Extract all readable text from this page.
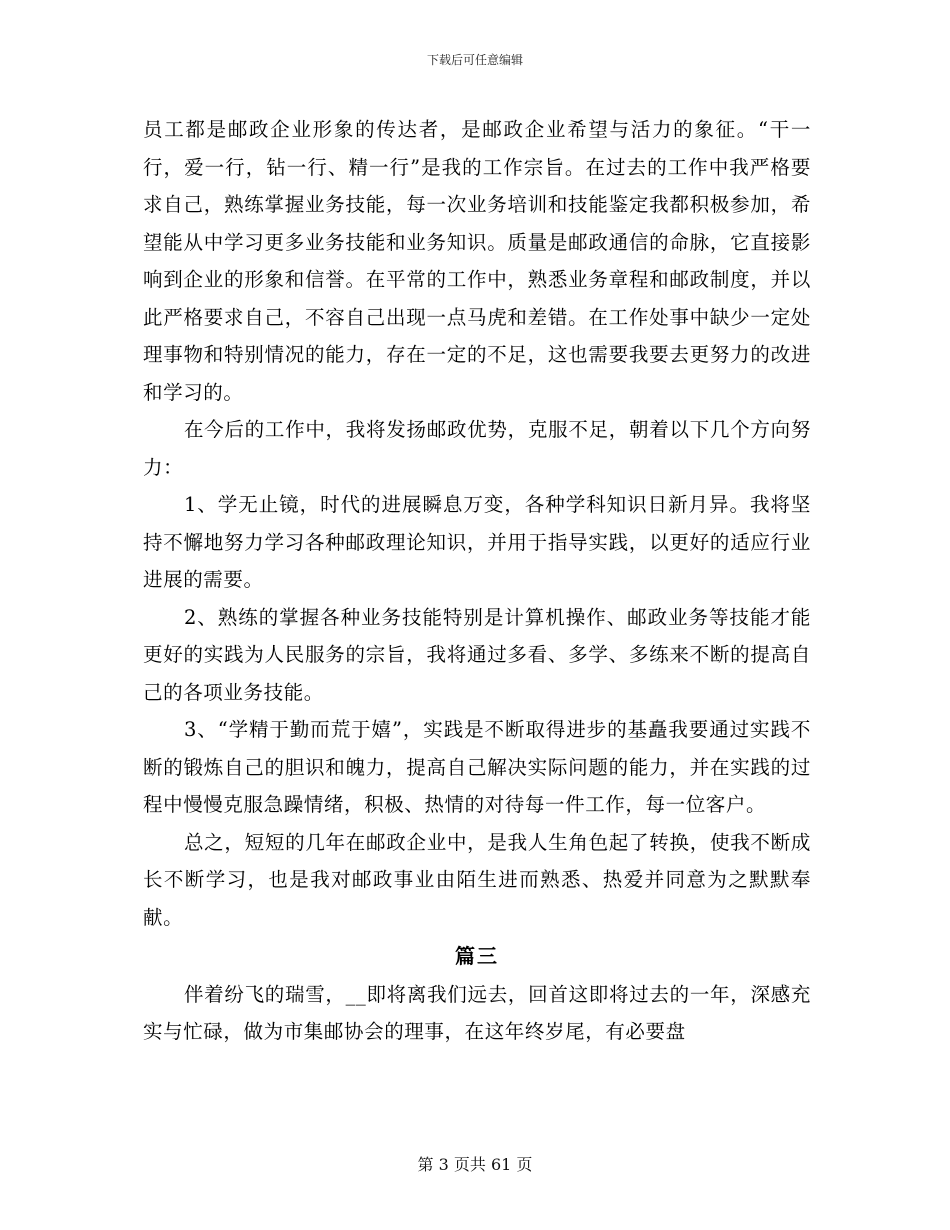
下载后可任意编辑

员工都是邮政企业形象的传达者，是邮政企业希望与活力的象征。“干一行，爱一行，钻一行、精一行”是我的工作宗旨。在过去的工作中我严格要求自己，熟练掌握业务技能，每一次业务培训和技能鉴定我都积极参加，希望能从中学习更多业务技能和业务知识。质量是邮政通信的命脉，它直接影响到企业的形象和信誉。在平常的工作中，熟悉业务章程和邮政制度，并以此严格要求自己，不容自己出现一点马虎和差错。在工作处事中缺少一定处理事物和特别情况的能力，存在一定的不足，这也需要我要去更努力的改进和学习的。

在今后的工作中，我将发扬邮政优势，克服不足，朝着以下几个方向努力：

1、学无止镜，时代的进展瞬息万变，各种学科知识日新月异。我将坚持不懈地努力学习各种邮政理论知识，并用于指导实践，以更好的适应行业进展的需要。

2、熟练的掌握各种业务技能特别是计算机操作、邮政业务等技能才能更好的实践为人民服务的宗旨，我将通过多看、多学、多练来不断的提高自己的各项业务技能。

3、“学精于勤而荒于嬉”，实践是不断取得进步的基矗我要通过实践不断的锻炼自己的胆识和魄力，提高自己解决实际问题的能力，并在实践的过程中慢慢克服急躁情绪，积极、热情的对待每一件工作，每一位客户。

总之，短短的几年在邮政企业中，是我人生角色起了转换，使我不断成长不断学习，也是我对邮政事业由陌生进而熟悉、热爱并同意为之默默奉献。

篇三

伴着纷飞的瑞雪，__即将离我们远去，回首这即将过去的一年，深感充实与忙碌，做为市集邮协会的理事，在这年终岁尾，有必要盘

第 3 页共 61 页
